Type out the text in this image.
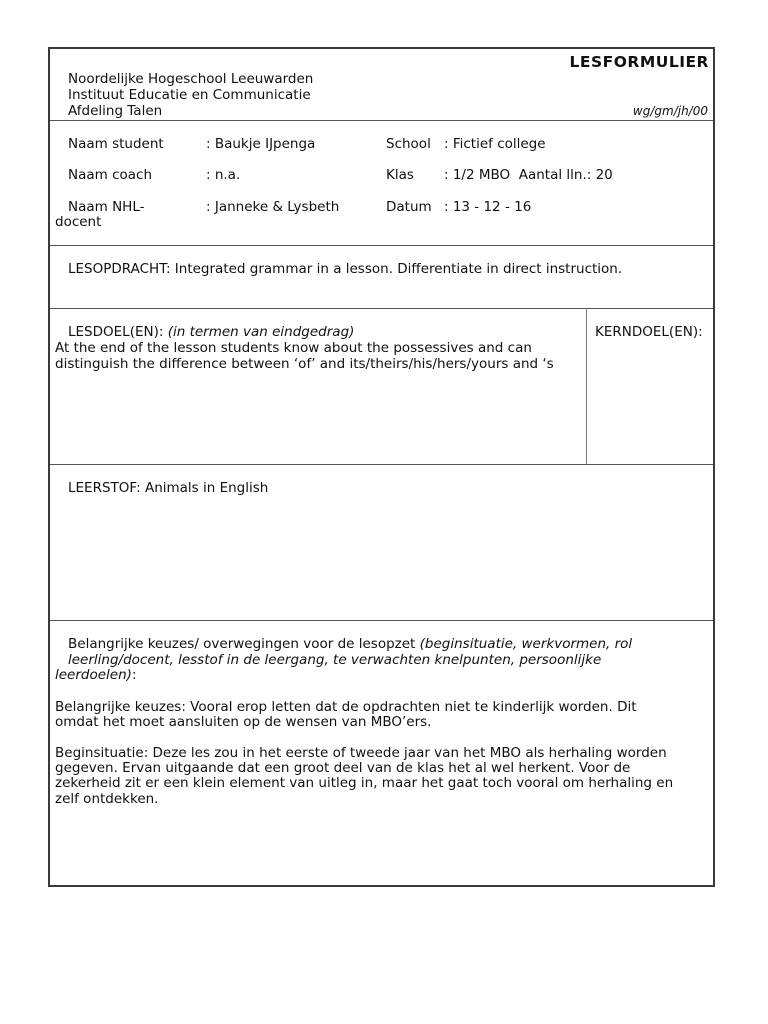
LESFORMULIER
Noordelijke Hogeschool Leeuwarden
Instituut Educatie en Communicatie
Afdeling Talen	wg/gm/jh/00
Naam student	: Baukje IJpenga	School : Fictief college
Naam coach	: n.a.	Klas : 1/2 MBO  Aantal lln.: 20
Naam NHL-
docent
: Janneke & Lysbeth	Datum : 13 - 12 - 16
LESOPDRACHT: Integrated grammar in a lesson. Differentiate in direct instruction.
LESDOEL(EN): (in termen van eindgedrag)
At the end of the lesson students know about the possessives and can
distinguish the difference between ‘of’ and its/theirs/his/hers/yours and ‘s
KERNDOEL(EN):
LEERSTOF: Animals in English
Belangrijke keuzes/ overwegingen voor de lesopzet (beginsituatie, werkvormen, rol
leerling/docent, lesstof in de leergang, te verwachten knelpunten, persoonlijke
leerdoelen):
Belangrijke keuzes: Vooral erop letten dat de opdrachten niet te kinderlijk worden. Dit
omdat het moet aansluiten op de wensen van MBO’ers.
Beginsituatie: Deze les zou in het eerste of tweede jaar van het MBO als herhaling worden
gegeven. Ervan uitgaande dat een groot deel van de klas het al wel herkent. Voor de
zekerheid zit er een klein element van uitleg in, maar het gaat toch vooral om herhaling en
zelf ontdekken.
